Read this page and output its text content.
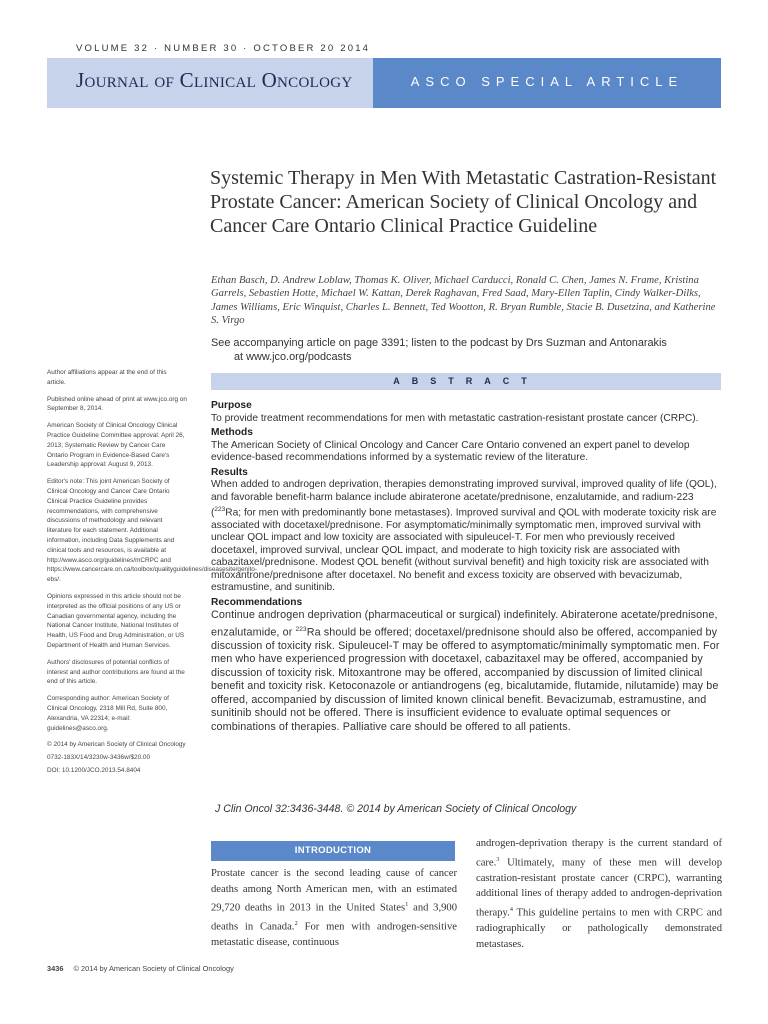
VOLUME 32 · NUMBER 30 · OCTOBER 20 2014
Journal of Clinical Oncology	ASCO SPECIAL ARTICLE
Systemic Therapy in Men With Metastatic Castration-Resistant Prostate Cancer: American Society of Clinical Oncology and Cancer Care Ontario Clinical Practice Guideline
Ethan Basch, D. Andrew Loblaw, Thomas K. Oliver, Michael Carducci, Ronald C. Chen, James N. Frame, Kristina Garrels, Sebastien Hotte, Michael W. Kattan, Derek Raghavan, Fred Saad, Mary-Ellen Taplin, Cindy Walker-Dilks, James Williams, Eric Winquist, Charles L. Bennett, Ted Wootton, R. Bryan Rumble, Stacie B. Dusetzina, and Katherine S. Virgo
See accompanying article on page 3391; listen to the podcast by Drs Suzman and Antonarakis
at www.jco.org/podcasts

Author affiliations appear at the end of this article.

Published online ahead of print at www.jco.org on September 8, 2014.

American Society of Clinical Oncology Clinical Practice Guideline Committee approval: April 26, 2013; Systematic Review by Cancer Care Ontario Program in Evidence-Based Care's Leadership approval: August 9, 2013.

Editor's note: This joint American Society of Clinical Oncology and Cancer Care Ontario Clinical Practice Guideline provides recommendations, with comprehensive discussions of methodology and relevant literature for each statement. Additional information, including Data Supplements and clinical tools and resources, is available at http://www.asco.org/guidelines/mCRPC and https://www.cancercare.on.ca/toolbox/qualityguidelines/diseasesite/genito-ebs/.

Opinions expressed in this article should not be interpreted as the official positions of any US or Canadian governmental agency, including the National Cancer Institute, National Institutes of Health, US Food and Drug Administration, or US Department of Health and Human Services.

Authors' disclosures of potential conflicts of interest and author contributions are found at the end of this article.

Corresponding author: American Society of Clinical Oncology, 2318 Mill Rd, Suite 800, Alexandria, VA 22314; e-mail: guidelines@asco.org.

© 2014 by American Society of Clinical Oncology

0732-183X/14/3230w-3436w/$20.00

DOI: 10.1200/JCO.2013.54.8404

ABSTRACT
Purpose

To provide treatment recommendations for men with metastatic castration-resistant prostate cancer (CRPC).

Methods

The American Society of Clinical Oncology and Cancer Care Ontario convened an expert panel to develop evidence-based recommendations informed by a systematic review of the literature.

Results

When added to androgen deprivation, therapies demonstrating improved survival, improved quality of life (QOL), and favorable benefit-harm balance include abiraterone acetate/prednisone, enzalutamide, and radium-223 ($^{223}$Ra; for men with predominantly bone metastases). Improved survival and QOL with moderate toxicity risk are associated with docetaxel/prednisone. For asymptomatic/minimally symptomatic men, improved survival with unclear QOL impact and low toxicity are associated with sipuleucel-T. For men who previously received docetaxel, improved survival, unclear QOL impact, and moderate to high toxicity risk are associated with cabazitaxel/prednisone. Modest QOL benefit (without survival benefit) and high toxicity risk are associated with mitoxantrone/prednisone after docetaxel. No benefit and excess toxicity are observed with bevacizumab, estramustine, and sunitinib.

Recommendations

Continue androgen deprivation (pharmaceutical or surgical) indefinitely. Abiraterone acetate/prednisone, enzalutamide, or $^{223}$Ra should be offered; docetaxel/prednisone should also be offered, accompanied by discussion of toxicity risk. Sipuleucel-T may be offered to asymptomatic/minimally symptomatic men. For men who have experienced progression with docetaxel, cabazitaxel may be offered, accompanied by discussion of toxicity risk. Mitoxantrone may be offered, accompanied by discussion of limited clinical benefit and toxicity risk. Ketoconazole or antiandrogens (eg, bicalutamide, flutamide, nilutamide) may be offered, accompanied by discussion of limited known clinical benefit. Bevacizumab, estramustine, and sunitinib should not be offered. There is insufficient evidence to evaluate optimal sequences or combinations of therapies. Palliative care should be offered to all patients.

J Clin Oncol 32:3436-3448. © 2014 by American Society of Clinical Oncology
INTRODUCTION
Prostate cancer is the second leading cause of cancer deaths among North American men, with an estimated 29,720 deaths in 2013 in the United States$^1$ and 3,900 deaths in Canada.$^2$ For men with androgen-sensitive metastatic disease, continuous
androgen-deprivation therapy is the current standard of care.$^3$ Ultimately, many of these men will develop castration-resistant prostate cancer (CRPC), warranting additional lines of therapy added to androgen-deprivation therapy.$^4$ This guideline pertains to men with CRPC and radiographically or pathologically demonstrated metastases.
3436 © 2014 by American Society of Clinical Oncology
